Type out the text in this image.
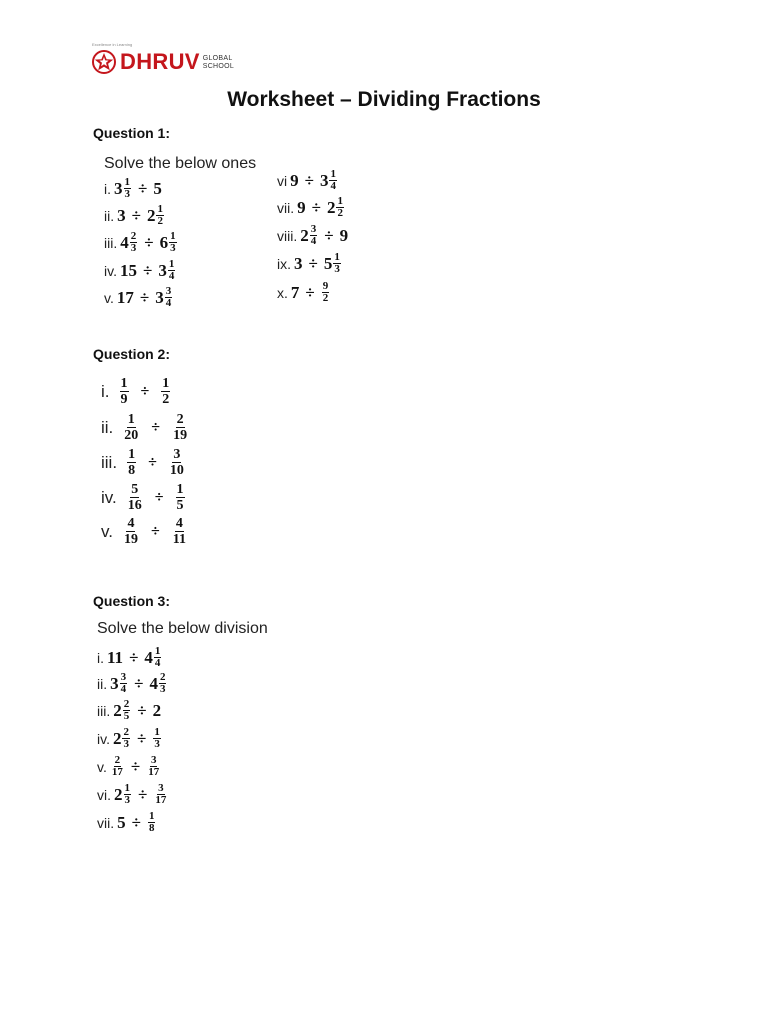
Excellence in Learning
DHRUV GLOBAL
SCHOOL
Worksheet – Dividing Fractions
Question 1:
Question 2:
Question 3:
Solve the below ones
Solve the below division
i. $3 \frac{1}{3} \div 5$
ii. $3 \div 2 \frac{1}{2}$
iii. $4 \frac{2}{3} \div 6 \frac{1}{3}$
iv. $15 \div 3 \frac{1}{4}$
v. $17 \div 3 \frac{3}{4}$
vi $9 \div 3 \frac{1}{4}$
vii. $9 \div 2 \frac{1}{2}$
viii. $2 \frac{3}{4} \div 9$
ix. $3 \div 5 \frac{1}{3}$
x. $7 \div \frac{9}{2}$
i. $\frac{1}{9} \div \frac{1}{2}$
ii. $\frac{1}{20} \div \frac{2}{19}$
iii. $\frac{1}{8} \div \frac{3}{10}$
iv. $\frac{5}{16} \div \frac{1}{5}$
v. $\frac{4}{19} \div \frac{4}{11}$
i. $11 \div 4 \frac{1}{4}$
ii. $3 \frac{3}{4} \div 4 \frac{2}{3}$
iii. $2 \frac{2}{5} \div 2$
iv. $2 \frac{2}{3} \div \frac{1}{3}$
v. $\frac{2}{17} \div \frac{3}{17}$
vi. $2 \frac{1}{3} \div \frac{3}{17}$
vii. $5 \div \frac{1}{8}$
